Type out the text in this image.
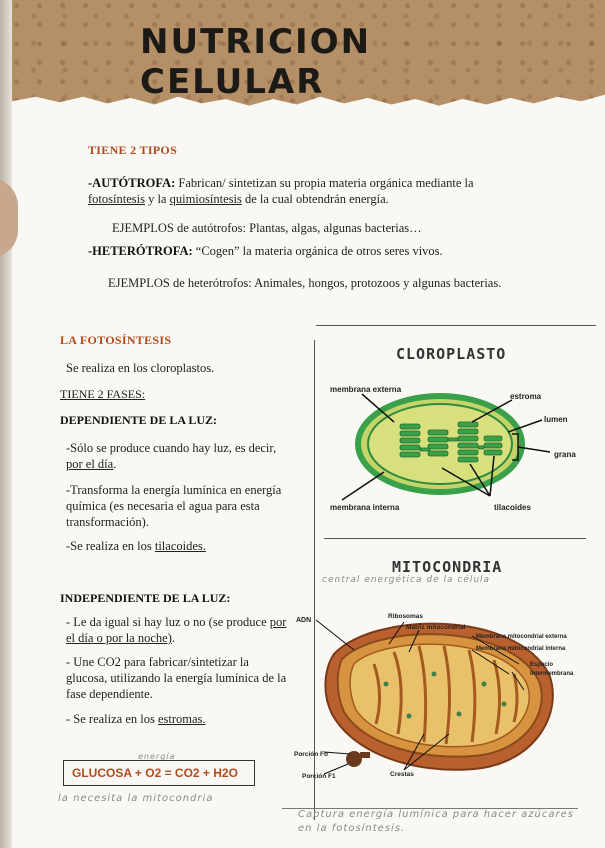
NUTRICION CELULAR
TIENE 2 TIPOS
-AUTÓTROFA: Fabrican/ sintetizan su propia materia orgánica mediante la
fotosíntesis y la quimiosíntesis de la cual obtendrán energía.
EJEMPLOS de autótrofos: Plantas, algas, algunas bacterias…
-HETERÓTROFA: “Cogen” la materia orgánica de otros seres vivos.
EJEMPLOS de heterótrofos: Animales, hongos, protozoos y algunas bacterias.
LA FOTOSÍNTESIS
Se realiza en los cloroplastos.
TIENE 2 FASES:
DEPENDIENTE DE LA LUZ:
-Sólo se produce cuando hay luz, es decir,
por el día.
-Transforma la energía lumínica en energía
química (es necesaria el agua para esta
transformación).
-Se realiza en los tilacoides.
INDEPENDIENTE DE LA LUZ:
- Le da igual si hay luz o no (se produce por
el día o por la noche).
- Une CO2 para fabricar/sintetizar la
glucosa, utilizando la energía lumínica de la
fase dependiente.
- Se realiza en los estromas.
energía
GLUCOSA + O2 = CO2 + H2O
la necesita la mitocondria
CLOROPLASTO
membrana externa
estroma
lumen
grana
membrana interna	tilacoides
MITOCONDRIA
central energética de la célula
ADN
Ribosomas
Matriz mitocondrial
Membrana mitocondrial externa
Membrana mitocondrial interna
Espacio
Intermembrana
Porción Fo
Porción F1	Crestas
Captura energía lumínica para hacer azúcares en la fotosíntesis.
